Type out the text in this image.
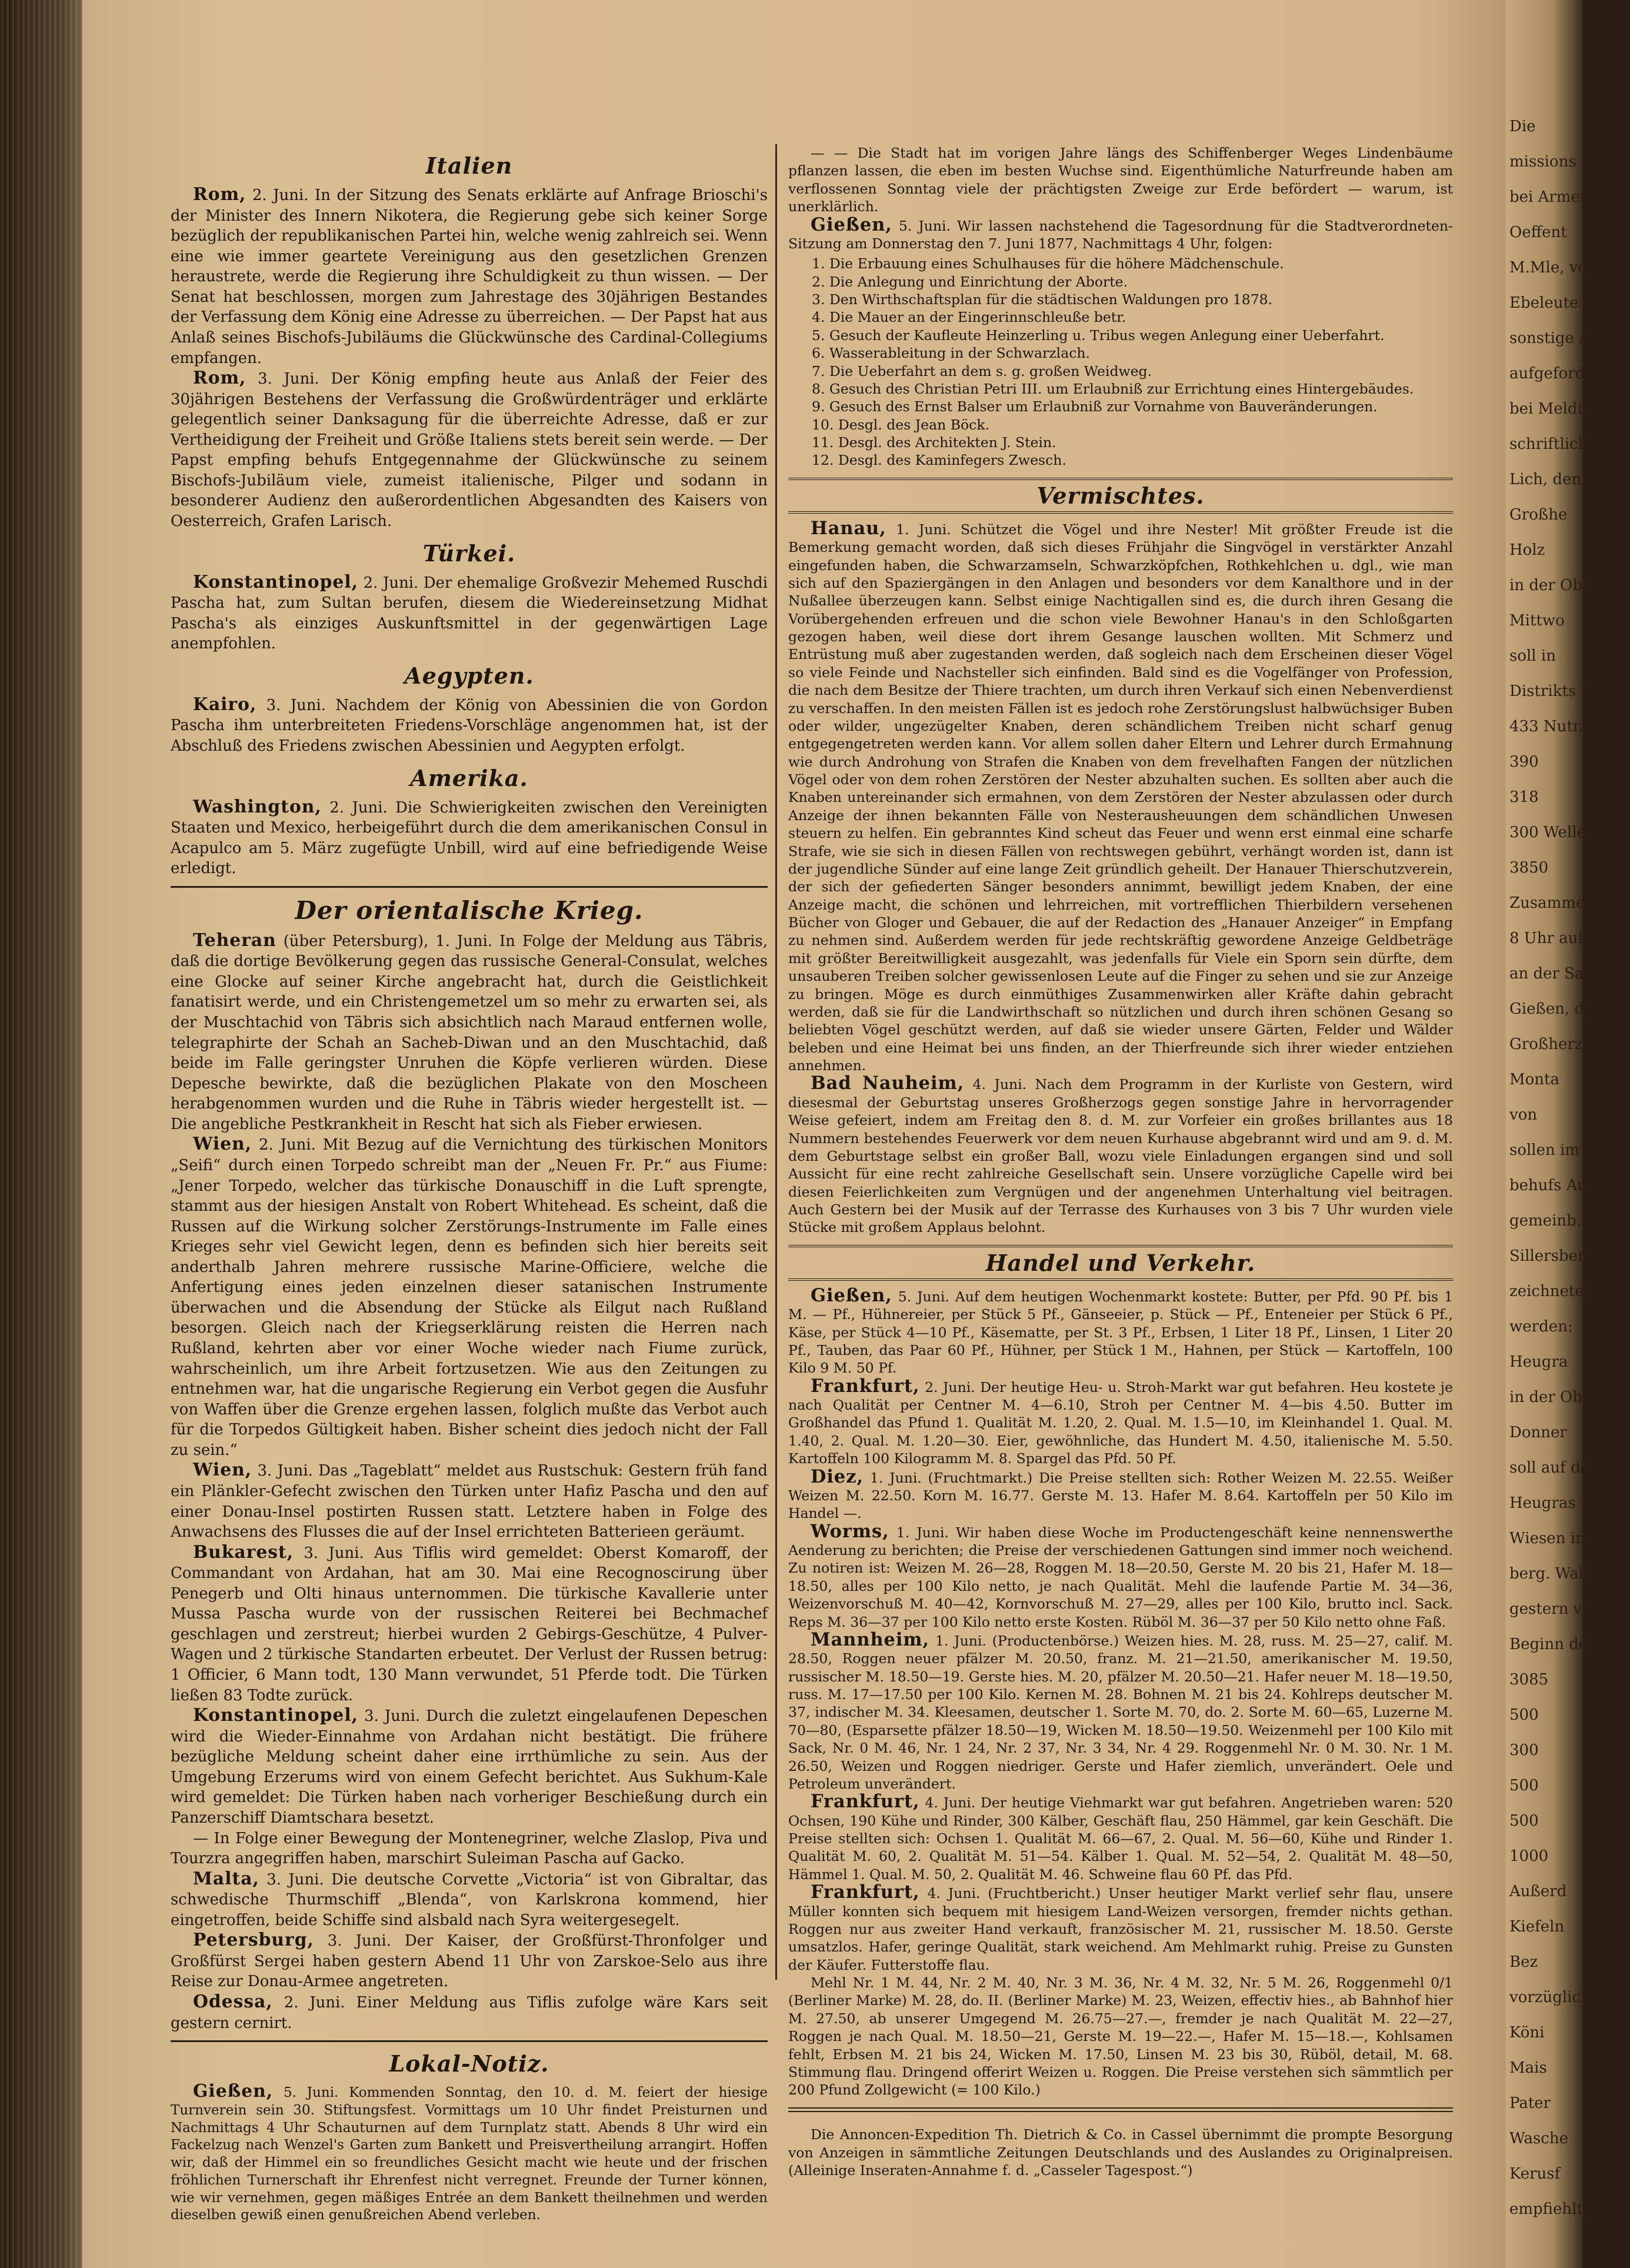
Italien

Rom, 2. Juni. In der Sitzung des Senats erklärte auf Anfrage Brioschi's der Minister des Innern Nikotera, die Regierung gebe sich keiner Sorge bezüglich der republikanischen Partei hin, welche wenig zahlreich sei. Wenn eine wie immer geartete Vereinigung aus den gesetzlichen Grenzen heraustrete, werde die Regierung ihre Schuldigkeit zu thun wissen. — Der Senat hat beschlossen, morgen zum Jahrestage des 30jährigen Bestandes der Verfassung dem König eine Adresse zu überreichen. — Der Papst hat aus Anlaß seines Bischofs-Jubiläums die Glückwünsche des Cardinal-Collegiums empfangen.

Rom, 3. Juni. Der König empfing heute aus Anlaß der Feier des 30jährigen Bestehens der Verfassung die Großwürdenträger und erklärte gelegentlich seiner Danksagung für die überreichte Adresse, daß er zur Vertheidigung der Freiheit und Größe Italiens stets bereit sein werde. — Der Papst empfing behufs Entgegennahme der Glückwünsche zu seinem Bischofs-Jubiläum viele, zumeist italienische, Pilger und sodann in besonderer Audienz den außerordentlichen Abgesandten des Kaisers von Oesterreich, Grafen Larisch.

Türkei.

Konstantinopel, 2. Juni. Der ehemalige Großvezir Mehemed Ruschdi Pascha hat, zum Sultan berufen, diesem die Wiedereinsetzung Midhat Pascha's als einziges Auskunftsmittel in der gegenwärtigen Lage anempfohlen.

Aegypten.

Kairo, 3. Juni. Nachdem der König von Abessinien die von Gordon Pascha ihm unterbreiteten Friedens-Vorschläge angenommen hat, ist der Abschluß des Friedens zwischen Abessinien und Aegypten erfolgt.

Amerika.

Washington, 2. Juni. Die Schwierigkeiten zwischen den Vereinigten Staaten und Mexico, herbeigeführt durch die dem amerikanischen Consul in Acapulco am 5. März zugefügte Unbill, wird auf eine befriedigende Weise erledigt.

Der orientalische Krieg.

Teheran (über Petersburg), 1. Juni. In Folge der Meldung aus Täbris, daß die dortige Bevölkerung gegen das russische General-Consulat, welches eine Glocke auf seiner Kirche angebracht hat, durch die Geistlichkeit fanatisirt werde, und ein Christengemetzel um so mehr zu erwarten sei, als der Muschtachid von Täbris sich absichtlich nach Maraud entfernen wolle, telegraphirte der Schah an Sacheb-Diwan und an den Muschtachid, daß beide im Falle geringster Unruhen die Köpfe verlieren würden. Diese Depesche bewirkte, daß die bezüglichen Plakate von den Moscheen herabgenommen wurden und die Ruhe in Täbris wieder hergestellt ist. — Die angebliche Pestkrankheit in Rescht hat sich als Fieber erwiesen.

Wien, 2. Juni. Mit Bezug auf die Vernichtung des türkischen Monitors „Seifi“ durch einen Torpedo schreibt man der „Neuen Fr. Pr.“ aus Fiume: „Jener Torpedo, welcher das türkische Donauschiff in die Luft sprengte, stammt aus der hiesigen Anstalt von Robert Whitehead. Es scheint, daß die Russen auf die Wirkung solcher Zerstörungs-Instrumente im Falle eines Krieges sehr viel Gewicht legen, denn es befinden sich hier bereits seit anderthalb Jahren mehrere russische Marine-Officiere, welche die Anfertigung eines jeden einzelnen dieser satanischen Instrumente überwachen und die Absendung der Stücke als Eilgut nach Rußland besorgen. Gleich nach der Kriegserklärung reisten die Herren nach Rußland, kehrten aber vor einer Woche wieder nach Fiume zurück, wahrscheinlich, um ihre Arbeit fortzusetzen. Wie aus den Zeitungen zu entnehmen war, hat die ungarische Regierung ein Verbot gegen die Ausfuhr von Waffen über die Grenze ergehen lassen, folglich mußte das Verbot auch für die Torpedos Gültigkeit haben. Bisher scheint dies jedoch nicht der Fall zu sein.“

Wien, 3. Juni. Das „Tageblatt“ meldet aus Rustschuk: Gestern früh fand ein Plänkler-Gefecht zwischen den Türken unter Hafiz Pascha und den auf einer Donau-Insel postirten Russen statt. Letztere haben in Folge des Anwachsens des Flusses die auf der Insel errichteten Batterieen geräumt.

Bukarest, 3. Juni. Aus Tiflis wird gemeldet: Oberst Komaroff, der Commandant von Ardahan, hat am 30. Mai eine Recognoscirung über Penegerb und Olti hinaus unternommen. Die türkische Kavallerie unter Mussa Pascha wurde von der russischen Reiterei bei Bechmachef geschlagen und zerstreut; hierbei wurden 2 Gebirgs-Geschütze, 4 Pulver-Wagen und 2 türkische Standarten erbeutet. Der Verlust der Russen betrug: 1 Officier, 6 Mann todt, 130 Mann verwundet, 51 Pferde todt. Die Türken ließen 83 Todte zurück.

Konstantinopel, 3. Juni. Durch die zuletzt eingelaufenen Depeschen wird die Wieder-Einnahme von Ardahan nicht bestätigt. Die frühere bezügliche Meldung scheint daher eine irrthümliche zu sein. Aus der Umgebung Erzerums wird von einem Gefecht berichtet. Aus Sukhum-Kale wird gemeldet: Die Türken haben nach vorheriger Beschießung durch ein Panzerschiff Diamtschara besetzt.

— In Folge einer Bewegung der Montenegriner, welche Zlaslop, Piva und Tourzra angegriffen haben, marschirt Suleiman Pascha auf Gacko.

Malta, 3. Juni. Die deutsche Corvette „Victoria“ ist von Gibraltar, das schwedische Thurmschiff „Blenda“, von Karlskrona kommend, hier eingetroffen, beide Schiffe sind alsbald nach Syra weitergesegelt.

Petersburg, 3. Juni. Der Kaiser, der Großfürst-Thronfolger und Großfürst Sergei haben gestern Abend 11 Uhr von Zarskoe-Selo aus ihre Reise zur Donau-Armee angetreten.

Odessa, 2. Juni. Einer Meldung aus Tiflis zufolge wäre Kars seit gestern cernirt.

Lokal-Notiz.

Gießen, 5. Juni. Kommenden Sonntag, den 10. d. M. feiert der hiesige Turnverein sein 30. Stiftungsfest. Vormittags um 10 Uhr findet Preisturnen und Nachmittags 4 Uhr Schauturnen auf dem Turnplatz statt. Abends 8 Uhr wird ein Fackelzug nach Wenzel's Garten zum Bankett und Preisvertheilung arrangirt. Hoffen wir, daß der Himmel ein so freundliches Gesicht macht wie heute und der frischen fröhlichen Turnerschaft ihr Ehrenfest nicht verregnet. Freunde der Turner können, wie wir vernehmen, gegen mäßiges Entrée an dem Bankett theilnehmen und werden dieselben gewiß einen genußreichen Abend verleben.

— — Die Stadt hat im vorigen Jahre längs des Schiffenberger Weges Lindenbäume pflanzen lassen, die eben im besten Wuchse sind. Eigenthümliche Naturfreunde haben am verflossenen Sonntag viele der prächtigsten Zweige zur Erde befördert — warum, ist unerklärlich.

Gießen, 5. Juni. Wir lassen nachstehend die Tagesordnung für die Stadtverordneten-Sitzung am Donnerstag den 7. Juni 1877, Nachmittags 4 Uhr, folgen:

1. Die Erbauung eines Schulhauses für die höhere Mädchenschule.
2. Die Anlegung und Einrichtung der Aborte.
3. Den Wirthschaftsplan für die städtischen Waldungen pro 1878.
4. Die Mauer an der Eingerinnschleuße betr.
5. Gesuch der Kaufleute Heinzerling u. Tribus wegen Anlegung einer Ueberfahrt.
6. Wasserableitung in der Schwarzlach.
7. Die Ueberfahrt an dem s. g. großen Weidweg.
8. Gesuch des Christian Petri III. um Erlaubniß zur Errichtung eines Hintergebäudes.
9. Gesuch des Ernst Balser um Erlaubniß zur Vornahme von Bauveränderungen.
10. Desgl. des Jean Böck.
11. Desgl. des Architekten J. Stein.
12. Desgl. des Kaminfegers Zwesch.
Vermischtes.

Hanau, 1. Juni. Schützet die Vögel und ihre Nester! Mit größter Freude ist die Bemerkung gemacht worden, daß sich dieses Frühjahr die Singvögel in verstärkter Anzahl eingefunden haben, die Schwarzamseln, Schwarzköpfchen, Rothkehlchen u. dgl., wie man sich auf den Spaziergängen in den Anlagen und besonders vor dem Kanalthore und in der Nußallee überzeugen kann. Selbst einige Nachtigallen sind es, die durch ihren Gesang die Vorübergehenden erfreuen und die schon viele Bewohner Hanau's in den Schloßgarten gezogen haben, weil diese dort ihrem Gesange lauschen wollten. Mit Schmerz und Entrüstung muß aber zugestanden werden, daß sogleich nach dem Erscheinen dieser Vögel so viele Feinde und Nachsteller sich einfinden. Bald sind es die Vogelfänger von Profession, die nach dem Besitze der Thiere trachten, um durch ihren Verkauf sich einen Nebenverdienst zu verschaffen. In den meisten Fällen ist es jedoch rohe Zerstörungslust halbwüchsiger Buben oder wilder, ungezügelter Knaben, deren schändlichem Treiben nicht scharf genug entgegengetreten werden kann. Vor allem sollen daher Eltern und Lehrer durch Ermahnung wie durch Androhung von Strafen die Knaben von dem frevelhaften Fangen der nützlichen Vögel oder von dem rohen Zerstören der Nester abzuhalten suchen. Es sollten aber auch die Knaben untereinander sich ermahnen, von dem Zerstören der Nester abzulassen oder durch Anzeige der ihnen bekannten Fälle von Nesterausheuungen dem schändlichen Unwesen steuern zu helfen. Ein gebranntes Kind scheut das Feuer und wenn erst einmal eine scharfe Strafe, wie sie sich in diesen Fällen von rechtswegen gebührt, verhängt worden ist, dann ist der jugendliche Sünder auf eine lange Zeit gründlich geheilt. Der Hanauer Thierschutzverein, der sich der gefiederten Sänger besonders annimmt, bewilligt jedem Knaben, der eine Anzeige macht, die schönen und lehrreichen, mit vortrefflichen Thierbildern versehenen Bücher von Gloger und Gebauer, die auf der Redaction des „Hanauer Anzeiger“ in Empfang zu nehmen sind. Außerdem werden für jede rechtskräftig gewordene Anzeige Geldbeträge mit größter Bereitwilligkeit ausgezahlt, was jedenfalls für Viele ein Sporn sein dürfte, dem unsauberen Treiben solcher gewissenlosen Leute auf die Finger zu sehen und sie zur Anzeige zu bringen. Möge es durch einmüthiges Zusammenwirken aller Kräfte dahin gebracht werden, daß sie für die Landwirthschaft so nützlichen und durch ihren schönen Gesang so beliebten Vögel geschützt werden, auf daß sie wieder unsere Gärten, Felder und Wälder beleben und eine Heimat bei uns finden, an der Thierfreunde sich ihrer wieder entziehen annehmen.

Bad Nauheim, 4. Juni. Nach dem Programm in der Kurliste von Gestern, wird diesesmal der Geburtstag unseres Großherzogs gegen sonstige Jahre in hervorragender Weise gefeiert, indem am Freitag den 8. d. M. zur Vorfeier ein großes brillantes aus 18 Nummern bestehendes Feuerwerk vor dem neuen Kurhause abgebrannt wird und am 9. d. M. dem Geburtstage selbst ein großer Ball, wozu viele Einladungen ergangen sind und soll Aussicht für eine recht zahlreiche Gesellschaft sein. Unsere vorzügliche Capelle wird bei diesen Feierlichkeiten zum Vergnügen und der angenehmen Unterhaltung viel beitragen. Auch Gestern bei der Musik auf der Terrasse des Kurhauses von 3 bis 7 Uhr wurden viele Stücke mit großem Applaus belohnt.

Handel und Verkehr.

Gießen, 5. Juni. Auf dem heutigen Wochenmarkt kostete: Butter, per Pfd. 90 Pf. bis 1 M. — Pf., Hühnereier, per Stück 5 Pf., Gänseeier, p. Stück — Pf., Enteneier per Stück 6 Pf., Käse, per Stück 4—10 Pf., Käsematte, per St. 3 Pf., Erbsen, 1 Liter 18 Pf., Linsen, 1 Liter 20 Pf., Tauben, das Paar 60 Pf., Hühner, per Stück 1 M., Hahnen, per Stück — Kartoffeln, 100 Kilo 9 M. 50 Pf.

Frankfurt, 2. Juni. Der heutige Heu- u. Stroh-Markt war gut befahren. Heu kostete je nach Qualität per Centner M. 4—6.10, Stroh per Centner M. 4—bis 4.50. Butter im Großhandel das Pfund 1. Qualität M. 1.20, 2. Qual. M. 1.5—10, im Kleinhandel 1. Qual. M. 1.40, 2. Qual. M. 1.20—30. Eier, gewöhnliche, das Hundert M. 4.50, italienische M. 5.50. Kartoffeln 100 Kilogramm M. 8. Spargel das Pfd. 50 Pf.

Diez, 1. Juni. (Fruchtmarkt.) Die Preise stellten sich: Rother Weizen M. 22.55. Weißer Weizen M. 22.50. Korn M. 16.77. Gerste M. 13. Hafer M. 8.64. Kartoffeln per 50 Kilo im Handel —.

Worms, 1. Juni. Wir haben diese Woche im Productengeschäft keine nennenswerthe Aenderung zu berichten; die Preise der verschiedenen Gattungen sind immer noch weichend. Zu notiren ist: Weizen M. 26—28, Roggen M. 18—20.50, Gerste M. 20 bis 21, Hafer M. 18—18.50, alles per 100 Kilo netto, je nach Qualität. Mehl die laufende Partie M. 34—36, Weizenvorschuß M. 40—42, Kornvorschuß M. 27—29, alles per 100 Kilo, brutto incl. Sack. Reps M. 36—37 per 100 Kilo netto erste Kosten. Rüböl M. 36—37 per 50 Kilo netto ohne Faß.

Mannheim, 1. Juni. (Productenbörse.) Weizen hies. M. 28, russ. M. 25—27, calif. M. 28.50, Roggen neuer pfälzer M. 20.50, franz. M. 21—21.50, amerikanischer M. 19.50, russischer M. 18.50—19. Gerste hies. M. 20, pfälzer M. 20.50—21. Hafer neuer M. 18—19.50, russ. M. 17—17.50 per 100 Kilo. Kernen M. 28. Bohnen M. 21 bis 24. Kohlreps deutscher M. 37, indischer M. 34. Kleesamen, deutscher 1. Sorte M. 70, do. 2. Sorte M. 60—65, Luzerne M. 70—80, (Esparsette pfälzer 18.50—19, Wicken M. 18.50—19.50. Weizenmehl per 100 Kilo mit Sack, Nr. 0 M. 46, Nr. 1 24, Nr. 2 37, Nr. 3 34, Nr. 4 29. Roggenmehl Nr. 0 M. 30. Nr. 1 M. 26.50, Weizen und Roggen niedriger. Gerste und Hafer ziemlich, unverändert. Oele und Petroleum unverändert.

Frankfurt, 4. Juni. Der heutige Viehmarkt war gut befahren. Angetrieben waren: 520 Ochsen, 190 Kühe und Rinder, 300 Kälber, Geschäft flau, 250 Hämmel, gar kein Geschäft. Die Preise stellten sich: Ochsen 1. Qualität M. 66—67, 2. Qual. M. 56—60, Kühe und Rinder 1. Qualität M. 60, 2. Qualität M. 51—54. Kälber 1. Qual. M. 52—54, 2. Qualität M. 48—50, Hämmel 1. Qual. M. 50, 2. Qualität M. 46. Schweine flau 60 Pf. das Pfd.

Frankfurt, 4. Juni. (Fruchtbericht.) Unser heutiger Markt verlief sehr flau, unsere Müller konnten sich bequem mit hiesigem Land-Weizen versorgen, fremder nichts gethan. Roggen nur aus zweiter Hand verkauft, französischer M. 21, russischer M. 18.50. Gerste umsatzlos. Hafer, geringe Qualität, stark weichend. Am Mehlmarkt ruhig. Preise zu Gunsten der Käufer. Futterstoffe flau.

Mehl Nr. 1 M. 44, Nr. 2 M. 40, Nr. 3 M. 36, Nr. 4 M. 32, Nr. 5 M. 26, Roggenmehl 0/1 (Berliner Marke) M. 28, do. II. (Berliner Marke) M. 23, Weizen, effectiv hies., ab Bahnhof hier M. 27.50, ab unserer Umgegend M. 26.75—27.—, fremder je nach Qualität M. 22—27, Roggen je nach Qual. M. 18.50—21, Gerste M. 19—22.—, Hafer M. 15—18.—, Kohlsamen fehlt, Erbsen M. 21 bis 24, Wicken M. 17.50, Linsen M. 23 bis 30, Rüböl, detail, M. 68. Stimmung flau. Dringend offerirt Weizen u. Roggen. Die Preise verstehen sich sämmtlich per 200 Pfund Zollgewicht (= 100 Kilo.)

Die Annoncen-Expedition Th. Dietrich & Co. in Cassel übernimmt die prompte Besorgung von Anzeigen in sämmtliche Zeitungen Deutschlands und des Auslandes zu Originalpreisen. (Alleinige Inseraten-Annahme f. d. „Casseler Tagespost.“)

Die
missions
bei Armenfo
Oeffent
M.Mle, vo
Ebeleute
sonstige Ansp
aufgefordert,
bei Meldung
schriftlich zu
Lich, den 1
Großhe
Holz
in der Ob
Mittwo
soll in
Distrikts Ten
433 Nutr.
390
318
300 Wellen
3850
Zusammen
8 Uhr auf
an der Sand
Gießen, den
Großherzoglich
Monta
von
sollen im bisch
behufs Ausführ
gemeinb. Gel
Sillersberg
zeichneten Ar
werden:
Heugra
in der Ob
Donner
soll auf den
Heugras w
Wiesen in
berg. Wahe
gestern verko
Beginn de
3085
500
300
500
500
1000
Außerd
Kiefeln
Bez
vorzüglich
Köni
Mais
Pater
Wasche
Kerusf
empfiehlt
